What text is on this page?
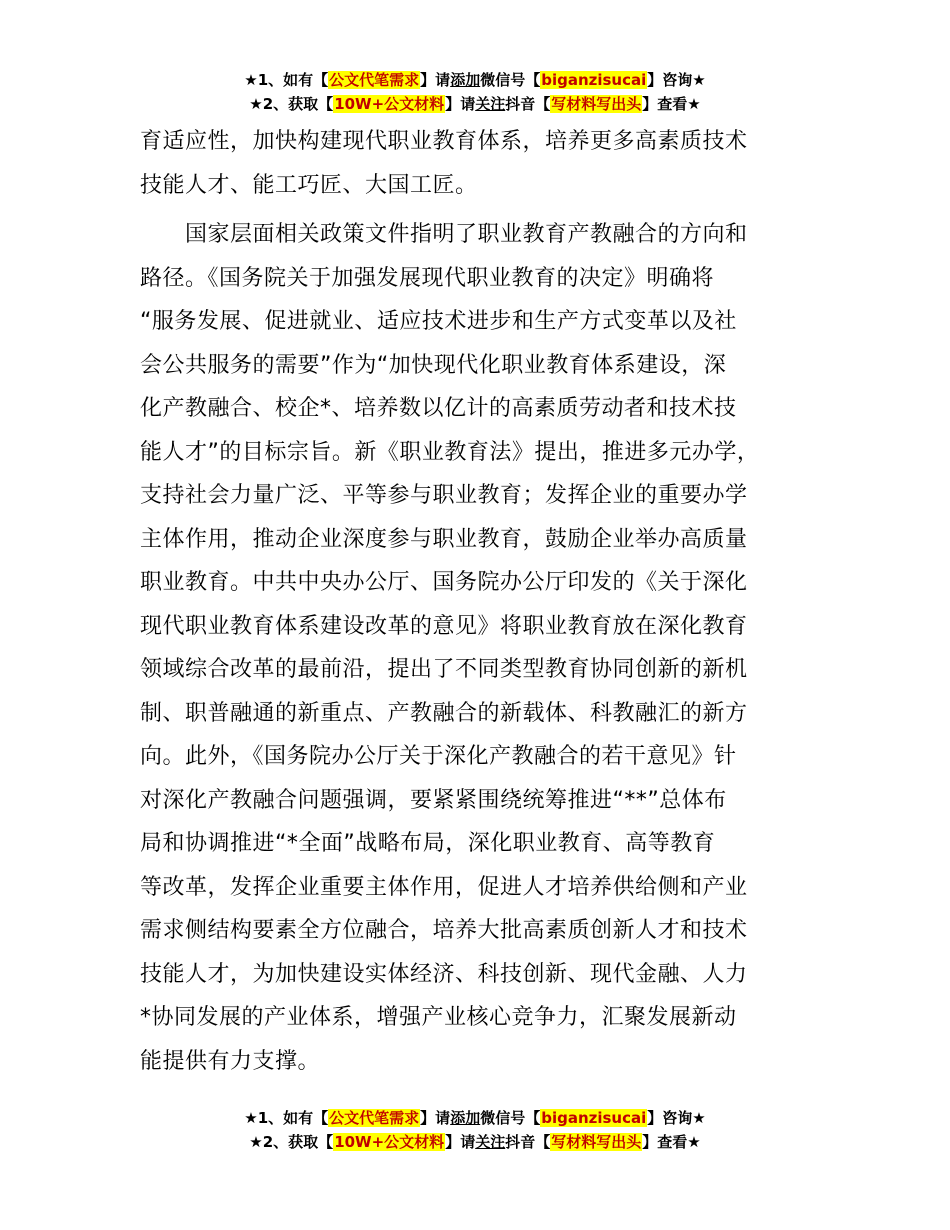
★1、如有【公文代笔需求】请添加微信号【biganzisucai】咨询★
★2、获取【10W+公文材料】请关注抖音【写材料写出头】查看★

育适应性，加快构建现代职业教育体系，培养更多高素质技术
技能人才、能工巧匠、大国工匠。

　　国家层面相关政策文件指明了职业教育产教融合的方向和
路径。《国务院关于加强发展现代职业教育的决定》明确将
“服务发展、促进就业、适应技术进步和生产方式变革以及社
会公共服务的需要”作为“加快现代化职业教育体系建设，深
化产教融合、校企*、培养数以亿计的高素质劳动者和技术技
能人才”的目标宗旨。新《职业教育法》提出，推进多元办学，
支持社会力量广泛、平等参与职业教育；发挥企业的重要办学
主体作用，推动企业深度参与职业教育，鼓励企业举办高质量
职业教育。中共中央办公厅、国务院办公厅印发的《关于深化
现代职业教育体系建设改革的意见》将职业教育放在深化教育
领域综合改革的最前沿，提出了不同类型教育协同创新的新机
制、职普融通的新重点、产教融合的新载体、科教融汇的新方
向。此外，《国务院办公厅关于深化产教融合的若干意见》针
对深化产教融合问题强调，要紧紧围绕统筹推进“**”总体布
局和协调推进“*全面”战略布局，深化职业教育、高等教育
等改革，发挥企业重要主体作用，促进人才培养供给侧和产业
需求侧结构要素全方位融合，培养大批高素质创新人才和技术
技能人才，为加快建设实体经济、科技创新、现代金融、人力
*协同发展的产业体系，增强产业核心竞争力，汇聚发展新动
能提供有力支撑。

★1、如有【公文代笔需求】请添加微信号【biganzisucai】咨询★
★2、获取【10W+公文材料】请关注抖音【写材料写出头】查看★
